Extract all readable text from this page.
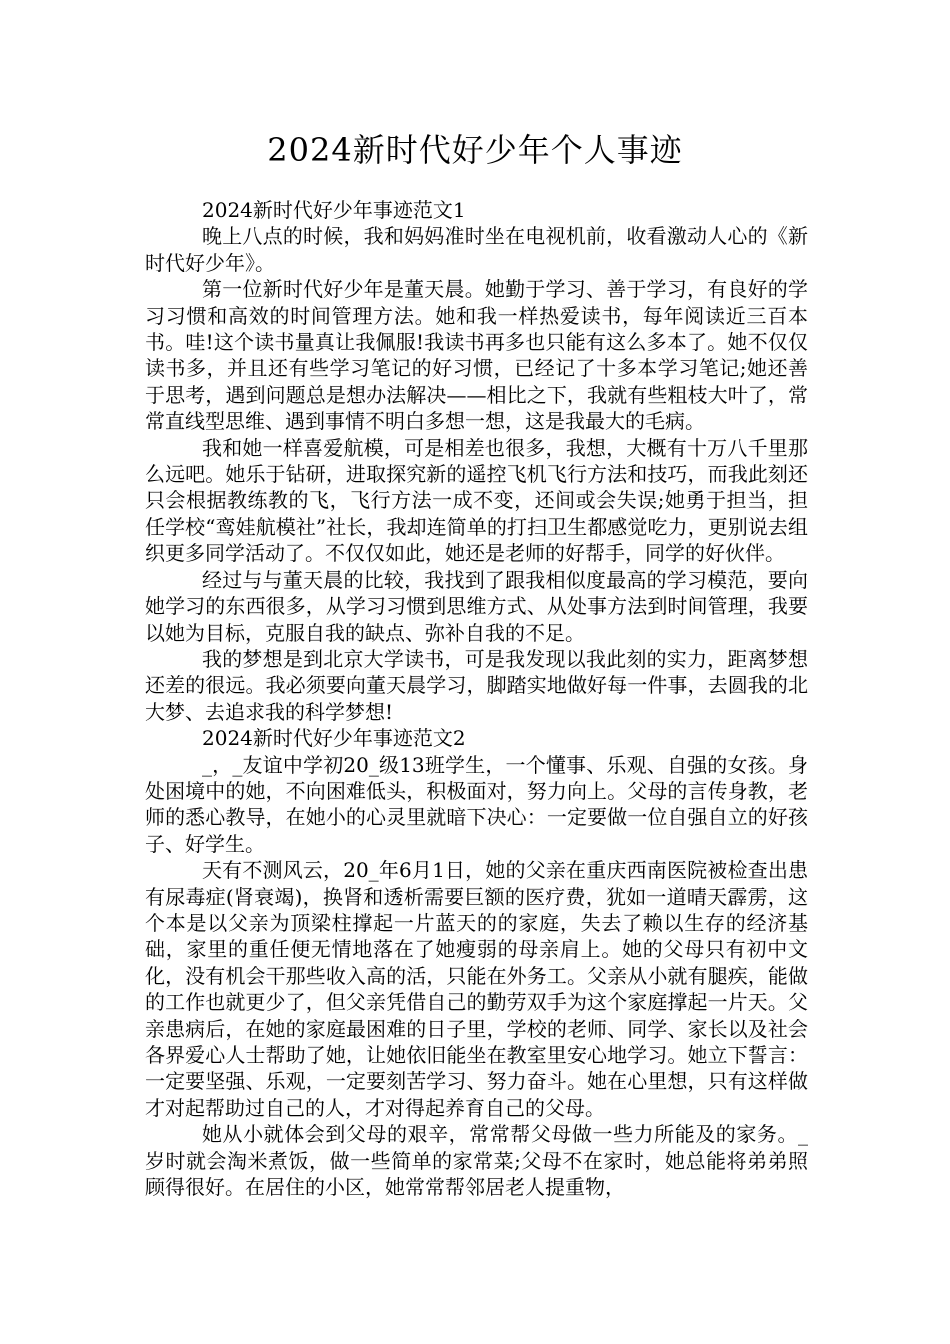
2024新时代好少年个人事迹

2024新时代好少年事迹范文1

晚上八点的时候，我和妈妈准时坐在电视机前，收看激动人心的《新时代好少年》。

第一位新时代好少年是董天晨。她勤于学习、善于学习，有良好的学习习惯和高效的时间管理方法。她和我一样热爱读书，每年阅读近三百本书。哇!这个读书量真让我佩服!我读书再多也只能有这么多本了。她不仅仅读书多，并且还有些学习笔记的好习惯，已经记了十多本学习笔记;她还善于思考，遇到问题总是想办法解决——相比之下，我就有些粗枝大叶了，常常直线型思维、遇到事情不明白多想一想，这是我最大的毛病。

我和她一样喜爱航模，可是相差也很多，我想，大概有十万八千里那么远吧。她乐于钻研，进取探究新的遥控飞机飞行方法和技巧，而我此刻还只会根据教练教的飞，飞行方法一成不变，还间或会失误;她勇于担当，担任学校“鸾娃航模社”社长，我却连简单的打扫卫生都感觉吃力，更别说去组织更多同学活动了。不仅仅如此，她还是老师的好帮手，同学的好伙伴。

经过与与董天晨的比较，我找到了跟我相似度最高的学习模范，要向她学习的东西很多，从学习习惯到思维方式、从处事方法到时间管理，我要以她为目标，克服自我的缺点、弥补自我的不足。

我的梦想是到北京大学读书，可是我发现以我此刻的实力，距离梦想还差的很远。我必须要向董天晨学习，脚踏实地做好每一件事，去圆我的北大梦、去追求我的科学梦想!

2024新时代好少年事迹范文2

_，_友谊中学初20_级13班学生，一个懂事、乐观、自强的女孩。身处困境中的她，不向困难低头，积极面对，努力向上。父母的言传身教，老师的悉心教导，在她小的心灵里就暗下决心：一定要做一位自强自立的好孩子、好学生。

天有不测风云，20_年6月1日，她的父亲在重庆西南医院被检查出患有尿毒症(肾衰竭)，换肾和透析需要巨额的医疗费，犹如一道晴天霹雳，这个本是以父亲为顶梁柱撑起一片蓝天的的家庭，失去了赖以生存的经济基础，家里的重任便无情地落在了她瘦弱的母亲肩上。她的父母只有初中文化，没有机会干那些收入高的活，只能在外务工。父亲从小就有腿疾，能做的工作也就更少了，但父亲凭借自己的勤劳双手为这个家庭撑起一片天。父亲患病后，在她的家庭最困难的日子里，学校的老师、同学、家长以及社会各界爱心人士帮助了她，让她依旧能坐在教室里安心地学习。她立下誓言：一定要坚强、乐观，一定要刻苦学习、努力奋斗。她在心里想，只有这样做才对起帮助过自己的人，才对得起养育自己的父母。

她从小就体会到父母的艰辛，常常帮父母做一些力所能及的家务。_岁时就会淘米煮饭，做一些简单的家常菜;父母不在家时，她总能将弟弟照顾得很好。在居住的小区，她常常帮邻居老人提重物，
